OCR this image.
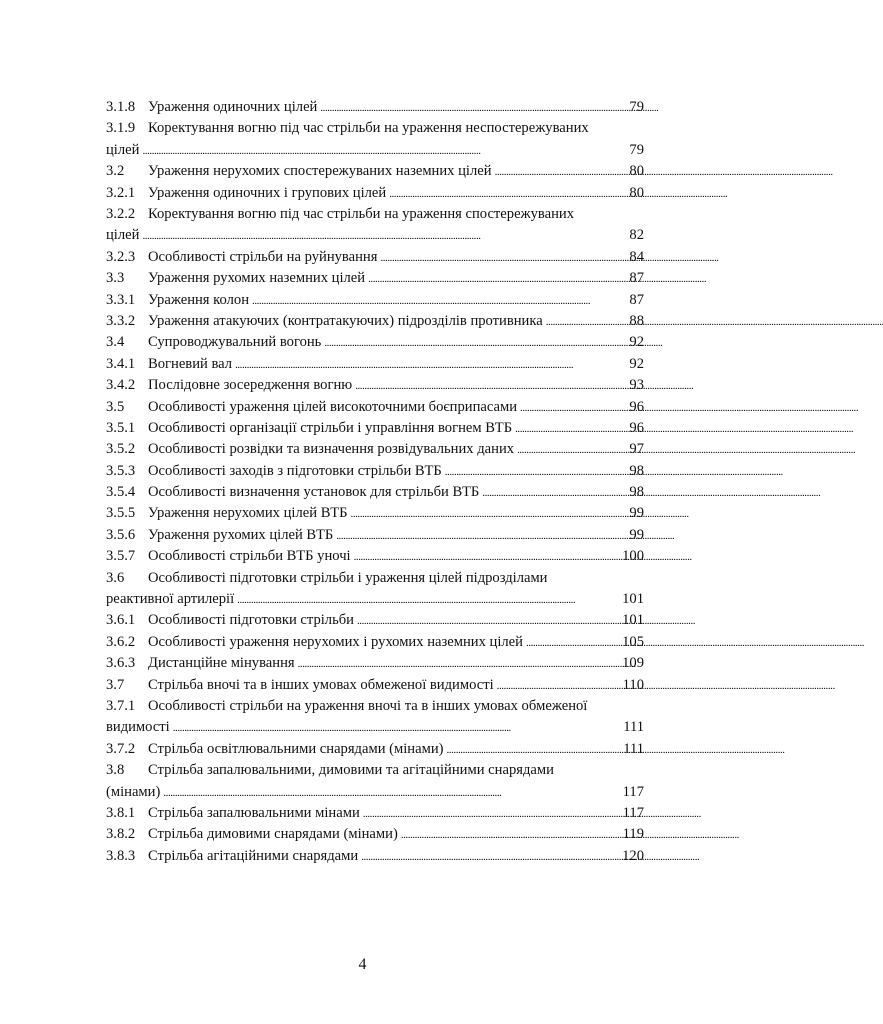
3.1.8 Ураження одиночних цілей . . .	79
3.1.9 Коректування вогню під час стрільби на ураження неспостережуваних
цілей . . .	79
3.2	Ураження нерухомих спостережуваних наземних цілей . . .	80
3.2.1 Ураження одиночних і групових цілей . . .	80
3.2.2 Коректування вогню під час стрільби на ураження спостережуваних
цілей . . .	82
3.2.3 Особливості стрільби на руйнування . . .	84
3.3	Ураження рухомих наземних цілей . . .	87
3.3.1 Ураження колон . . .	87
3.3.2 Ураження атакуючих (контратакуючих) підрозділів противника . . .	88
3.4	Супроводжувальний вогонь . . .	92
3.4.1 Вогневий вал . . .	92
3.4.2 Послідовне зосередження вогню . . .	93
3.5	Особливості ураження цілей високоточними боєприпасами . . .	96
3.5.1 Особливості організації стрільби і управління вогнем ВТБ . . .	96
3.5.2 Особливості розвідки та визначення розвідувальних даних . . .	97
3.5.3 Особливості заходів з підготовки стрільби ВТБ . . .	98
3.5.4 Особливості визначення установок для стрільби ВТБ . . .	98
3.5.5 Ураження нерухомих цілей ВТБ . . .	99
3.5.6 Ураження рухомих цілей ВТБ . . .	99
3.5.7 Особливості стрільби ВТБ уночі . . .	100
3.6	Особливості підготовки стрільби і ураження цілей підрозділами
реактивної артилерії . . .	101
3.6.1 Особливості підготовки стрільби . . .	101
3.6.2 Особливості ураження нерухомих і рухомих наземних цілей . . .	105
3.6.3 Дистанційне мінування . . .	109
3.7	Стрільба вночі та в інших умовах обмеженої видимості . . .	110
3.7.1 Особливості стрільби на ураження вночі та в інших умовах обмеженої
видимості . . .	111
3.7.2 Стрільба освітлювальними снарядами (мінами) . . .	111
3.8	Стрільба запалювальними, димовими та агітаційними снарядами
(мінами) . . .	117
3.8.1 Стрільба запалювальними мінами . . .	117
3.8.2 Стрільба димовими снарядами (мінами) . . .	119
3.8.3 Стрільба агітаційними снарядами . . .	120
4
